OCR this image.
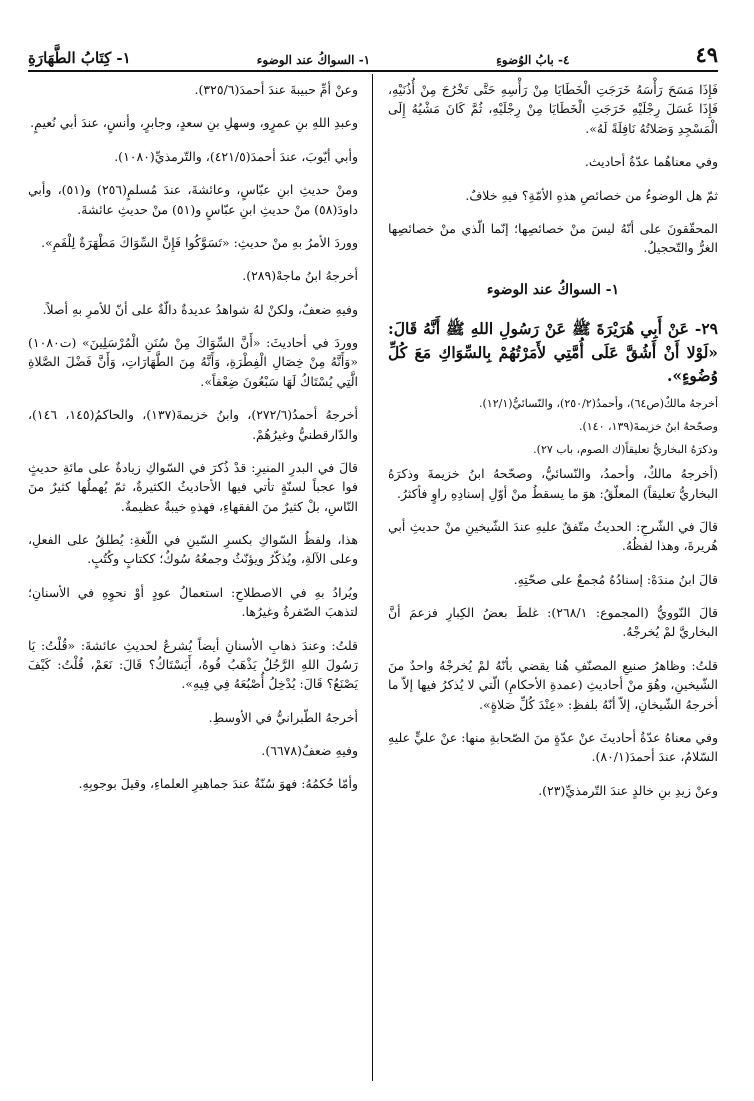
٤٩
٤- بابُ الوُضوءِ
١- السواكُ عند الوضوء
١- كِتَابُ الطَّهَارَةِ

فَإِذَا مَسَحَ رَأْسَهُ خَرَجَتِ الْخَطَايَا مِنْ رَأْسِهِ حَتَّى تَخْرُجَ مِنْ أُذُنَيْهِ، فَإِذَا غَسَلَ رِجْلَيْهِ خَرَجَتِ الْخَطَايَا مِنْ رِجْلَيْهِ، ثُمَّ كَانَ مَشْيُهُ إِلَى الْمَسْجِدِ وَصَلاتُهُ نَافِلَةً لَهُ».

وفي معناهُما عدّةُ أحاديث.

ثمّ هل الوضوءُ من خصائصِ هذهِ الأمّةِ؟ فيهِ خلافٌ.

المحقّقونَ على أنّهُ ليسَ منْ خصائصِها؛ إنّما الّذي منْ خصائصِها الغرُّ والتّحجيلُ.

١- السواكُ عند الوضوء

٢٩- عَنْ أَبِي هُرَيْرَةَ ﷺ عَنْ رَسُولِ اللهِ ﷺ أَنَّهُ قَالَ: «لَوْلا أَنْ أَشُقَّ عَلَى أُمَّتِي لأَمَرْتُهُمْ بِالسِّوَاكِ مَعَ كُلِّ وُضُوءٍ».

أخرجهُ مالكٌ(ص٦٤)، وأحمدُ(٢٥٠/٢)، والنّسائيُّ(١٢/١).

وصحّحهُ ابنُ خزيمةَ(١٣٩، ١٤٠).

وذكرَهُ البخاريُّ تعليقاً(ك الصوم، باب ٢٧).

(أخرجهُ مالكٌ، وأحمدُ، والنّسائيُّ، وصحّحهُ ابنُ خزيمةَ وذكرَهُ البخاريُّ تعليقاً) المعلّقُ: هوَ ما يسقطُ منْ أوّلِ إسنادِهِ راوٍ فأكثرُ.

قالَ في الشّرحِ: الحديثُ متّفقٌ عليهِ عندَ الشّيخينِ منْ حديثِ أبي هُريرةَ، وهذا لفظُهُ.

قالَ ابنُ مندَهْ: إسنادُهُ مُجمعٌ على صحّتِهِ.

قالَ النّوويُّ (المجموع: ٢٦٨/١): غلطَ بعضُ الكِبارِ فزعمَ أنَّ البخاريَّ لمْ يُخرجْهُ.

قلتُ: وظاهرُ صنيعِ المصنّفِ هُنا يقضي بأنّهُ لمْ يُخرجْهُ واحدٌ منَ الشّيخينِ، وهُوَ منْ أحاديثِ (عمدةِ الأحكامِ) الّتي لا يُذكرُ فيها إلاّ ما أخرجهُ الشّيخانِ، إلاّ أنّهُ بلفظِ: «عِنْدَ كُلِّ صَلاةٍ».

وفي معناهُ عدّةُ أحاديثَ عنْ عدّةٍ منَ الصّحابةِ منها: عنْ عليٍّ عليهِ السّلامُ، عندَ أحمدَ(٨٠/١).

وعنْ زيدِ بنِ خالدٍ عندَ التّرمذيِّ(٢٣).

وعنْ أمِّ حبيبةَ عندَ أحمدَ(٣٢٥/٦).

وعبدِ اللهِ بنِ عمرٍو، وسهلِ بنِ سعدٍ، وجابرٍ، وأنسٍ، عندَ أبي نُعيمٍ.

وأبي أيّوبَ، عندَ أحمدَ(٤٢١/٥)، والتّرمذيِّ(١٠٨٠).

ومنْ حديثِ ابنِ عبّاسٍ، وعائشةَ، عندَ مُسلمٍ(٢٥٦) و(٥١)، وأبي داودَ(٥٨) منْ حديثِ ابنِ عبّاسٍ و(٥١) منْ حديثِ عائشةَ.

ووردَ الأمرُ بهِ منْ حديثِ: «تَسَوَّكُوا فَإِنَّ السِّوَاكَ مَطْهَرَةٌ لِلْفَمِ».

أخرجهُ ابنُ ماجهْ(٢٨٩).

وفيهِ ضعفٌ، ولكنْ لهُ شواهدُ عديدةٌ دالّةٌ على أنّ للأمرِ بهِ أصلاً.

ووردَ في أحاديثَ: «أَنَّ السِّوَاكَ مِنْ سُنَنِ الْمُرْسَلِينَ» (ت١٠٨٠) «وَأَنَّهُ مِنْ خِصَالِ الْفِطْرَةِ، وَأَنَّهُ مِنَ الطَّهَارَاتِ، وَأَنَّ فَضْلَ الصَّلاةِ الَّتِي يُسْتَاكُ لَهَا سَبْعُونَ ضِعْفاً».

أخرجهُ أحمدُ(٢٧٢/٦)، وابنُ خزيمةَ(١٣٧)، والحاكمُ(١٤٥، ١٤٦)، والدّارقطنيُّ وغيرُهُمْ.

قالَ في البدرِ المنيرِ: قدْ ذُكرَ في السّواكِ زيادةٌ على مائةِ حديثٍ فوا عجباً لسنّةٍ تأتي فيها الأحاديثُ الكثيرةُ، ثمّ يُهملُها كثيرٌ منَ النّاسِ، بلْ كثيرٌ منَ الفقهاءِ، فهذهِ خيبةٌ عظيمةٌ.

هذا، ولفظُ السّواكِ بكسرِ السّينِ في اللّغةِ: يُطلقُ على الفعلِ، وعلى الآلةِ، ويُذكّرُ ويؤنّثُ وجمعُهُ سُوكٌ؛ ككتابٍ وكُتُبٍ.

ويُرادُ بهِ في الاصطلاحِ: استعمالُ عودٍ أوْ نحوِهِ في الأسنانِ؛ لتذهبَ الصّفرةُ وغيرُها.

قلتُ: وعندَ ذهابِ الأسنانِ أيضاً يُشرعُ لحديثِ عائشةَ: «قُلْتُ: يَا رَسُولَ اللهِ الرَّجُلُ يَذْهَبُ فُوهُ، أَيَسْتَاكُ؟ قَالَ: نَعَمْ، قُلْتُ: كَيْفَ يَصْنَعُ؟ قَالَ: يُدْخِلُ أُصْبُعَهُ فِي فِيهِ».

أخرجهُ الطّبرانيُّ في الأوسطِ.

وفيهِ ضعفٌ(٦٦٧٨).

وأمّا حُكمُهُ: فهوَ سُنّةٌ عندَ جماهيرِ العلماءِ، وقيلَ بوجوبِهِ.
